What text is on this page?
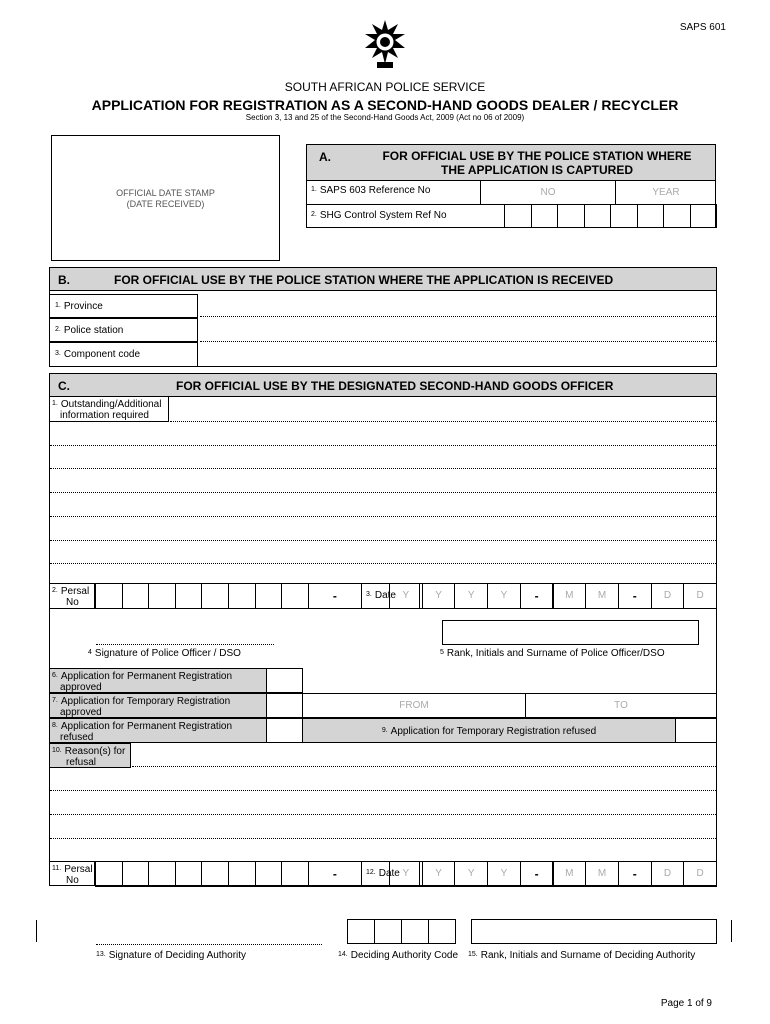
SAPS 601
SOUTH AFRICAN POLICE SERVICE
APPLICATION FOR REGISTRATION AS A SECOND-HAND GOODS DEALER / RECYCLER
Section 3, 13 and 25 of the Second-Hand Goods Act, 2009 (Act no 06 of 2009)
OFFICIAL DATE STAMP
(DATE RECEIVED)
A.	FOR OFFICIAL USE BY THE POLICE STATION WHERE
THE APPLICATION IS CAPTURED
$^{1.}$ SAPS 603 Reference No	NO	YEAR
$^{2.}$ SHG Control System Ref No
B.	FOR OFFICIAL USE BY THE POLICE STATION WHERE THE APPLICATION IS RECEIVED
$^{1.}$ Province
$^{2.}$ Police station
$^{3.}$ Component code
C.	FOR OFFICIAL USE BY THE DESIGNATED SECOND-HAND GOODS OFFICER
$^{1.}$ Outstanding/Additional
information required
$^{2.}$ Persal
No	-	$^{3.}$ Date Y	Y	Y	Y	-	M	M	-	D	D
$^4$ Signature of Police Officer / DSO	$^5$ Rank, Initials and Surname of Police Officer/DSO
$^{6.}$ Application for Permanent Registration
approved
$^{7.}$ Application for Temporary Registration
approved
FROM	TO
$^{8.}$ Application for Permanent Registration
refused
$^{9.}$ Application for Temporary Registration refused
$^{10.}$ Reason(s) for
refusal
$^{11.}$ Persal
No	-	$^{12.}$ Date Y	Y	Y	Y	-	M	M	-	D	D
$^{13.}$ Signature of Deciding Authority	$^{14.}$ Deciding Authority Code $^{15.}$ Rank, Initials and Surname of Deciding Authority
Page 1 of 9
